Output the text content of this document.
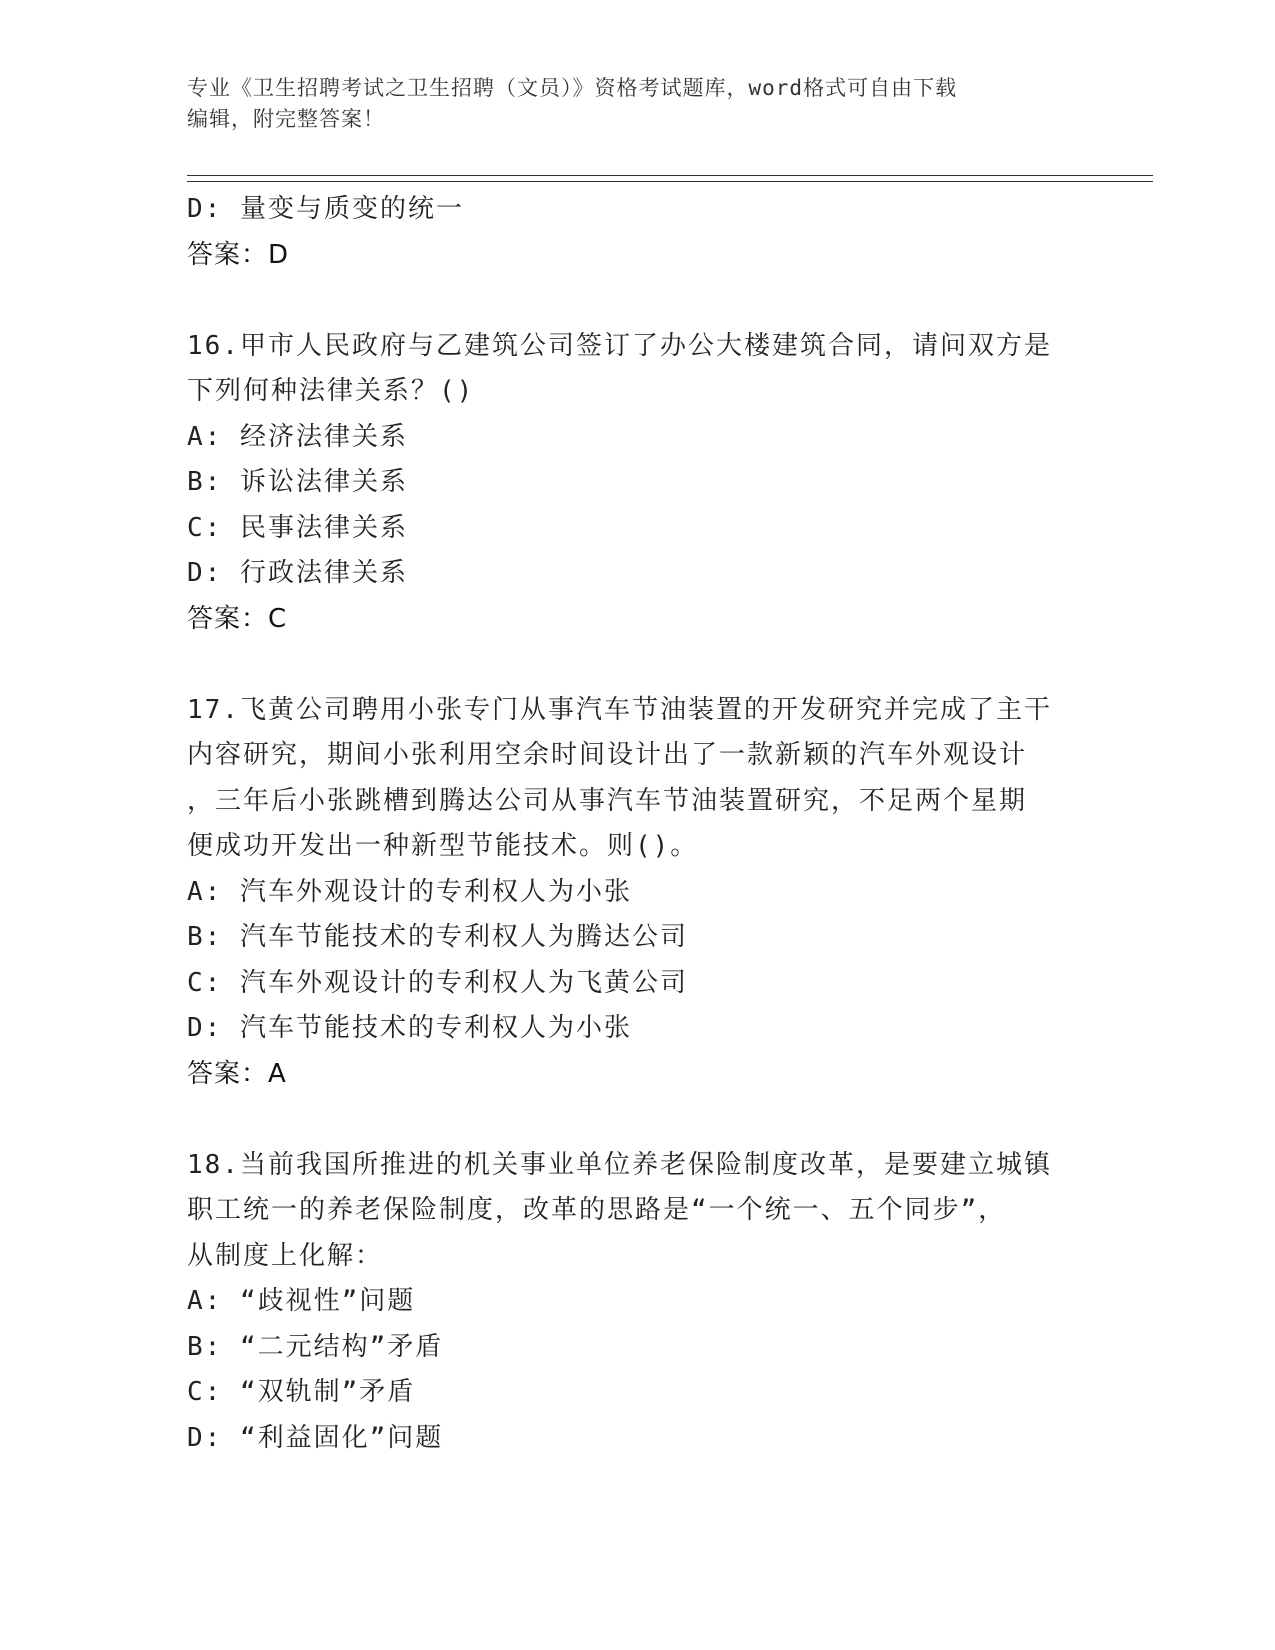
专业《卫生招聘考试之卫生招聘（文员）》资格考试题库，word格式可自由下载
编辑，附完整答案！
D: 量变与质变的统一
答案：D
16.甲市人民政府与乙建筑公司签订了办公大楼建筑合同，请问双方是
下列何种法律关系？()
A: 经济法律关系
B: 诉讼法律关系
C: 民事法律关系
D: 行政法律关系
答案：C
17.飞黄公司聘用小张专门从事汽车节油装置的开发研究并完成了主干
内容研究，期间小张利用空余时间设计出了一款新颖的汽车外观设计
，三年后小张跳槽到腾达公司从事汽车节油装置研究，不足两个星期
便成功开发出一种新型节能技术。则()。
A: 汽车外观设计的专利权人为小张
B: 汽车节能技术的专利权人为腾达公司
C: 汽车外观设计的专利权人为飞黄公司
D: 汽车节能技术的专利权人为小张
答案：A
18.当前我国所推进的机关事业单位养老保险制度改革，是要建立城镇
职工统一的养老保险制度，改革的思路是“一个统一、五个同步”，
从制度上化解：
A: “歧视性”问题
B: “二元结构”矛盾
C: “双轨制”矛盾
D: “利益固化”问题
